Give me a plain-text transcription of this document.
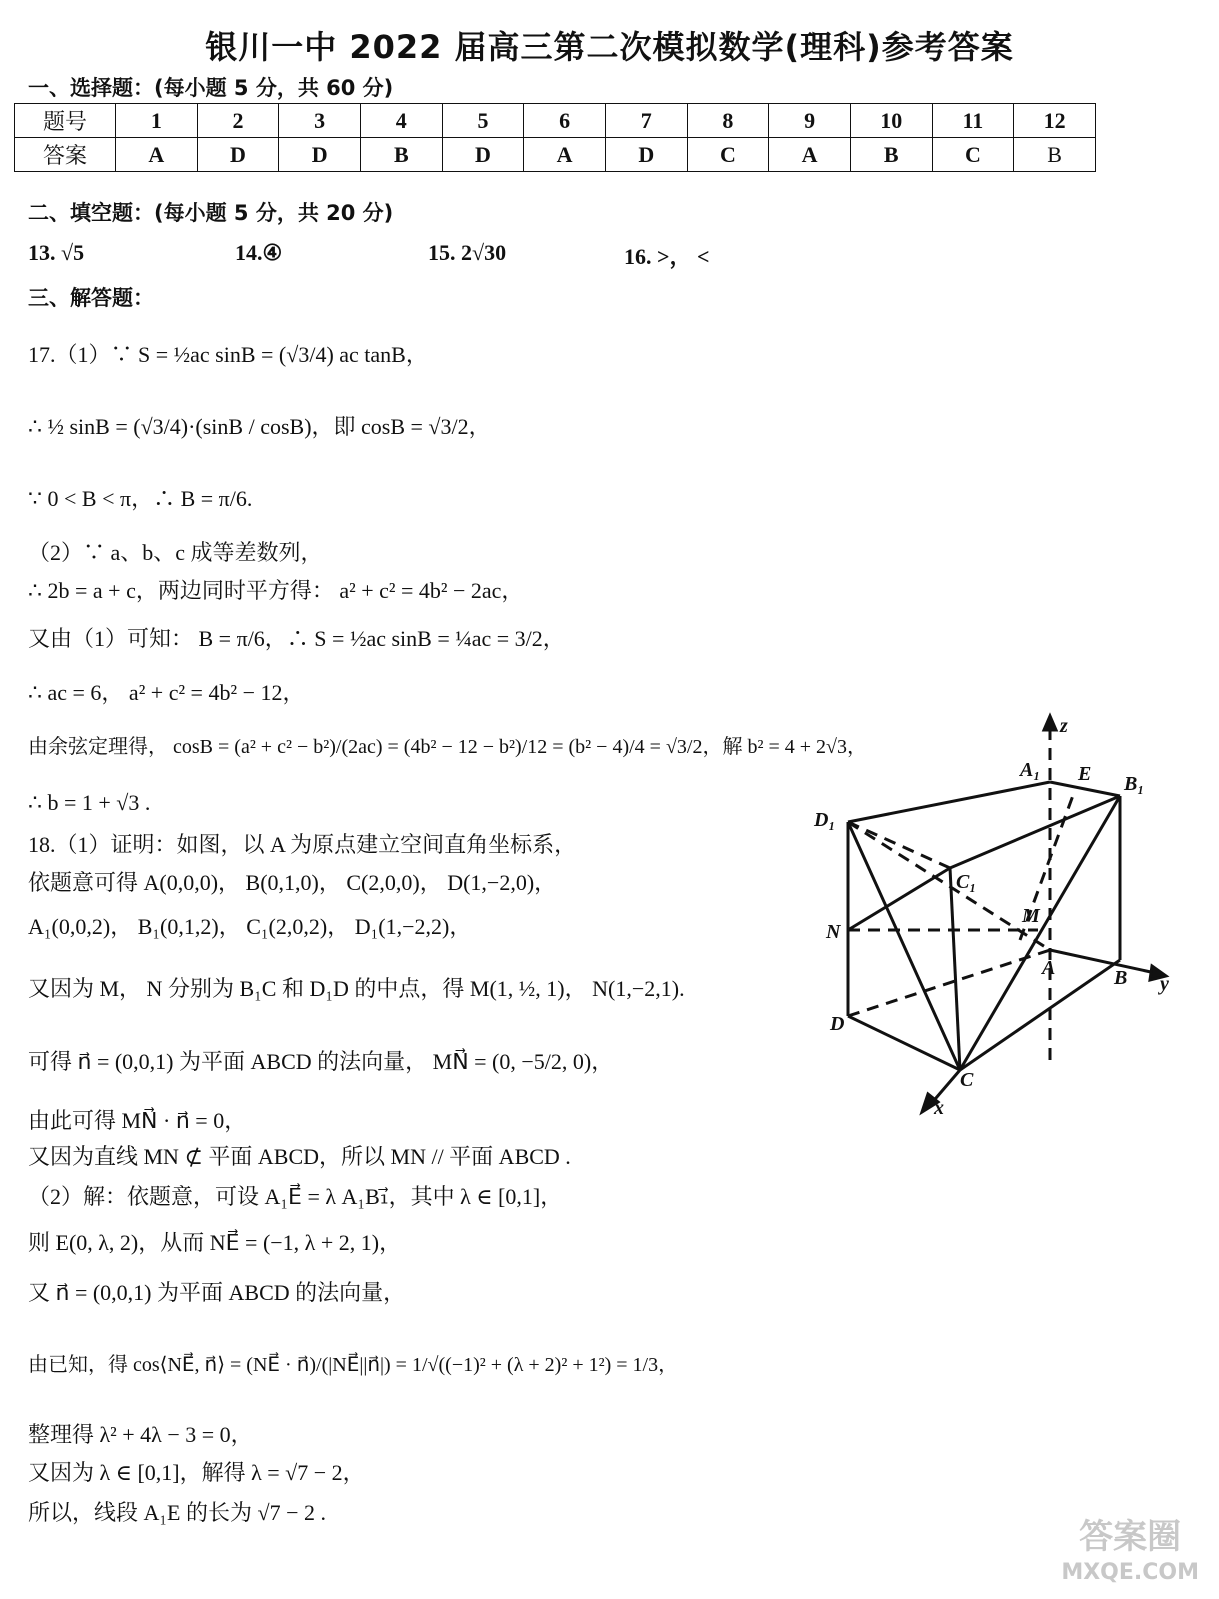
银川一中 2022 届高三第二次模拟数学(理科)参考答案
一、选择题：(每小题 5 分，共 60 分)
题号	1	2	3	4	5	6	7	8	9	10	11	12
答案	A	D	D	B	D	A	D	C	A	B	C	B
二、填空题：(每小题 5 分，共 20 分)
13. √5	14.④	15. 2√30	16. >， <
三、解答题：
17.（1）∵ S = ½ac sinB = (√3/4) ac tanB，
∴ ½ sinB = (√3/4)·(sinB / cosB)，即 cosB = √3/2，
∵ 0 < B < π，∴ B = π/6.
（2）∵ a、b、c 成等差数列，
∴ 2b = a + c，两边同时平方得： a² + c² = 4b² − 2ac，
又由（1）可知： B = π/6，∴ S = ½ac sinB = ¼ac = 3/2，
∴ ac = 6， a² + c² = 4b² − 12，
由余弦定理得， cosB = (a² + c² − b²)/(2ac) = (4b² − 12 − b²)/12 = (b² − 4)/4 = √3/2，解 b² = 4 + 2√3，
∴ b = 1 + √3 .
18.（1）证明：如图，以 A 为原点建立空间直角坐标系，
依题意可得 A(0,0,0)， B(0,1,0)， C(2,0,0)， D(1,−2,0)，
A₁(0,0,2)， B₁(0,1,2)， C₁(2,0,2)， D₁(1,−2,2)，
又因为 M， N 分别为 B₁C 和 D₁D 的中点，得 M(1, ½, 1)， N(1,−2,1).
可得 n⃗ = (0,0,1) 为平面 ABCD 的法向量， MN⃗ = (0, −5/2, 0)，
由此可得 MN⃗ · n⃗ = 0，
又因为直线 MN ⊄ 平面 ABCD，所以 MN // 平面 ABCD .
（2）解：依题意，可设 A₁E⃗ = λ A₁B₁⃗，其中 λ ∈ [0,1]，
则 E(0, λ, 2)，从而 NE⃗ = (−1, λ + 2, 1)，
又 n⃗ = (0,0,1) 为平面 ABCD 的法向量，
由已知，得 cos⟨NE⃗, n⃗⟩ = (NE⃗ · n⃗)/(|NE⃗||n⃗|) = 1/√((−1)² + (λ + 2)² + 1²) = 1/3，
整理得 λ² + 4λ − 3 = 0，
又因为 λ ∈ [0,1]，解得 λ = √7 − 2，
所以，线段 A₁E 的长为 √7 − 2 .
z
y
x
A₁ E B₁
D₁
C₁
M
N
A	B
D
C
答案圈
MXQE.COM
